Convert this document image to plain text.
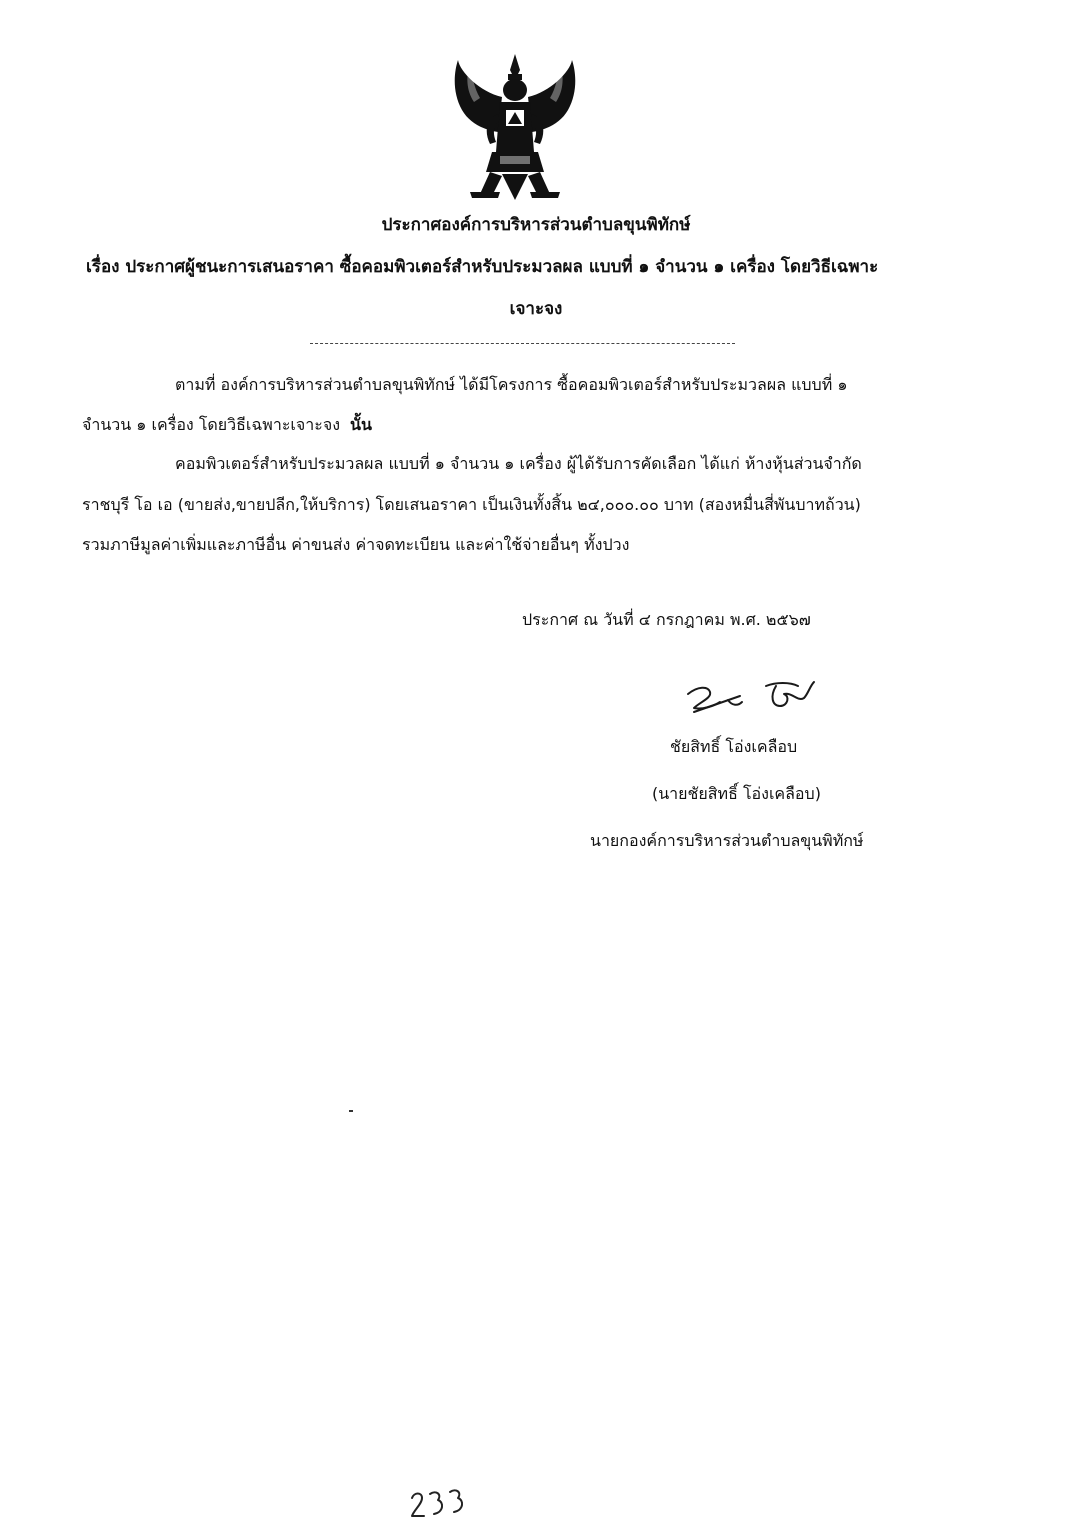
ประกาศองค์การบริหารส่วนตำบลขุนพิทักษ์
เรื่อง ประกาศผู้ชนะการเสนอราคา ซื้อคอมพิวเตอร์สำหรับประมวลผล แบบที่ ๑ จำนวน ๑ เครื่อง โดยวิธีเฉพาะ
เจาะจง
ตามที่ องค์การบริหารส่วนตำบลขุนพิทักษ์ ได้มีโครงการ ซื้อคอมพิวเตอร์สำหรับประมวลผล แบบที่ ๑
จำนวน ๑ เครื่อง โดยวิธีเฉพาะเจาะจง นั้น
คอมพิวเตอร์สำหรับประมวลผล แบบที่ ๑ จำนวน ๑ เครื่อง ผู้ได้รับการคัดเลือก ได้แก่ ห้างหุ้นส่วนจำกัด
ราชบุรี โอ เอ (ขายส่ง,ขายปลีก,ให้บริการ) โดยเสนอราคา เป็นเงินทั้งสิ้น ๒๔,๐๐๐.๐๐ บาท (สองหมื่นสี่พันบาทถ้วน)
รวมภาษีมูลค่าเพิ่มและภาษีอื่น ค่าขนส่ง ค่าจดทะเบียน และค่าใช้จ่ายอื่นๆ ทั้งปวง
ประกาศ ณ วันที่ ๔ กรกฎาคม พ.ศ. ๒๕๖๗
ชัยสิทธิ์ โอ่งเคลือบ
(นายชัยสิทธิ์ โอ่งเคลือบ)
นายกองค์การบริหารส่วนตำบลขุนพิทักษ์
